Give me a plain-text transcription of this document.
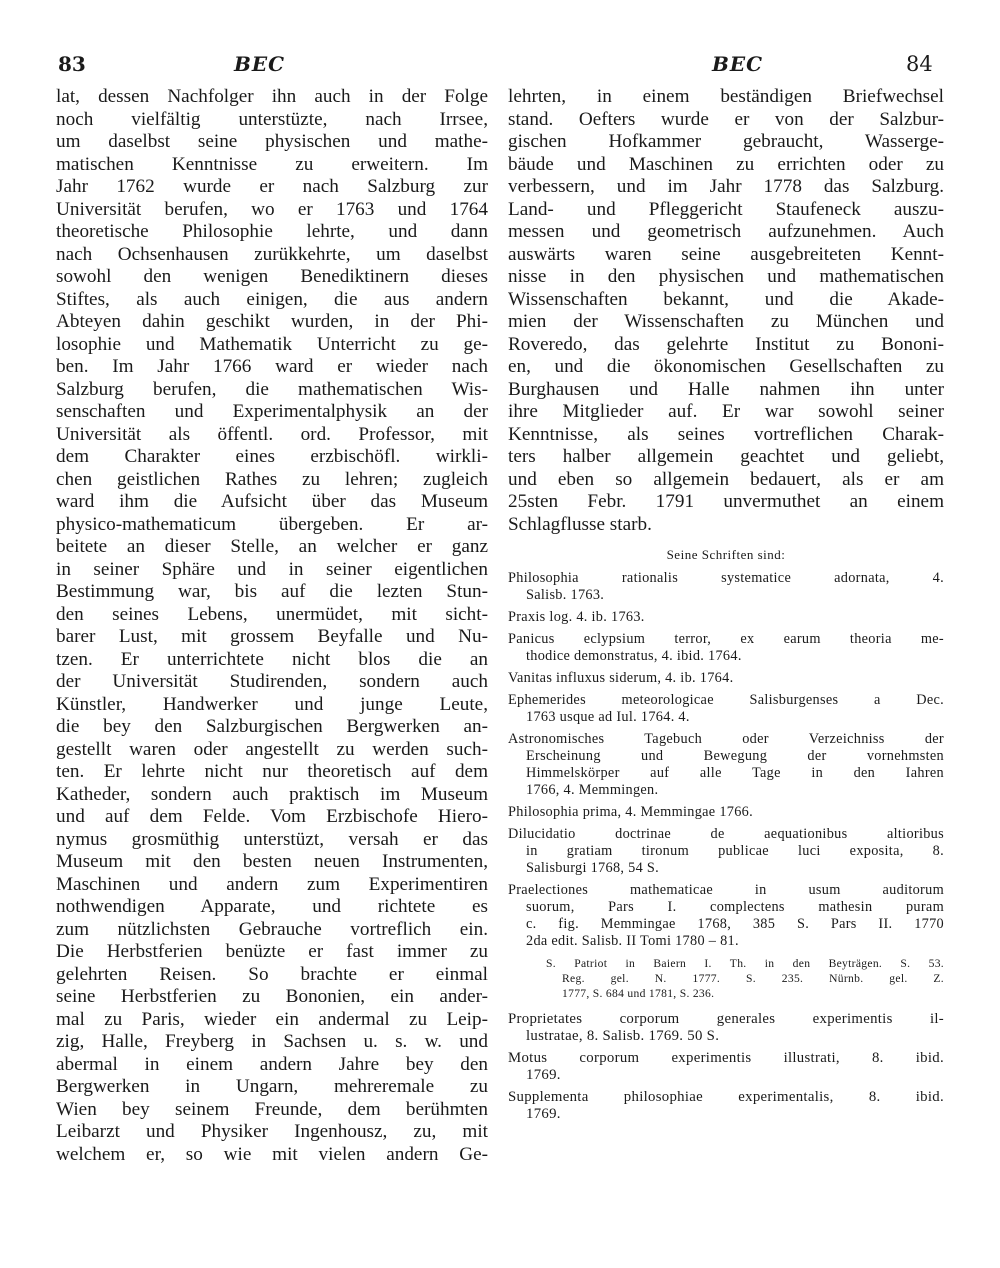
83	BEC	BEC	84
lat, dessen Nachfolger ihn auch in der Folge
noch vielfältig unterstüzte, nach Irrsee,
um daselbst seine physischen und mathe-
matischen Kenntnisse zu erweitern. Im
Jahr 1762 wurde er nach Salzburg zur
Universität berufen, wo er 1763 und 1764
theoretische Philosophie lehrte, und dann
nach Ochsenhausen zurükkehrte, um daselbst
sowohl den wenigen Benediktinern dieses
Stiftes, als auch einigen, die aus andern
Abteyen dahin geschikt wurden, in der Phi-
losophie und Mathematik Unterricht zu ge-
ben. Im Jahr 1766 ward er wieder nach
Salzburg berufen, die mathematischen Wis-
senschaften und Experimentalphysik an der
Universität als öffentl. ord. Professor, mit
dem Charakter eines erzbischöfl. wirkli-
chen geistlichen Rathes zu lehren; zugleich
ward ihm die Aufsicht über das Museum
physico-mathematicum übergeben. Er ar-
beitete an dieser Stelle, an welcher er ganz
in seiner Sphäre und in seiner eigentlichen
Bestimmung war, bis auf die lezten Stun-
den seines Lebens, unermüdet, mit sicht-
barer Lust, mit grossem Beyfalle und Nu-
tzen. Er unterrichtete nicht blos die an
der Universität Studirenden, sondern auch
Künstler, Handwerker und junge Leute,
die bey den Salzburgischen Bergwerken an-
gestellt waren oder angestellt zu werden such-
ten. Er lehrte nicht nur theoretisch auf dem
Katheder, sondern auch praktisch im Museum
und auf dem Felde. Vom Erzbischofe Hiero-
nymus grosmüthig unterstüzt, versah er das
Museum mit den besten neuen Instrumenten,
Maschinen und andern zum Experimentiren
nothwendigen Apparate, und richtete es
zum nützlichsten Gebrauche vortreflich ein.
Die Herbstferien benüzte er fast immer zu
gelehrten Reisen. So brachte er einmal
seine Herbstferien zu Bononien, ein ander-
mal zu Paris, wieder ein andermal zu Leip-
zig, Halle, Freyberg in Sachsen u. s. w. und
abermal in einem andern Jahre bey den
Bergwerken in Ungarn, mehreremale zu
Wien bey seinem Freunde, dem berühmten
Leibarzt und Physiker Ingenhousz, zu, mit
welchem er, so wie mit vielen andern Ge-
lehrten, in einem beständigen Briefwechsel
stand. Oefters wurde er von der Salzbur-
gischen Hofkammer gebraucht, Wasserge-
bäude und Maschinen zu errichten oder zu
verbessern, und im Jahr 1778 das Salzburg.
Land- und Pfleggericht Staufeneck auszu-
messen und geometrisch aufzunehmen. Auch
auswärts waren seine ausgebreiteten Kennt-
nisse in den physischen und mathematischen
Wissenschaften bekannt, und die Akade-
mien der Wissenschaften zu München und
Roveredo, das gelehrte Institut zu Bononi-
en, und die ökonomischen Gesellschaften zu
Burghausen und Halle nahmen ihn unter
ihre Mitglieder auf. Er war sowohl seiner
Kenntnisse, als seines vortreflichen Charak-
ters halber allgemein geachtet und geliebt,
und eben so allgemein bedauert, als er am
25sten Febr. 1791 unvermuthet an einem
Schlagflusse starb.
Seine Schriften sind:
Philosophia rationalis systematice adornata, 4.
Salisb. 1763.
Praxis log. 4. ib. 1763.
Panicus eclypsium terror, ex earum theoria me-
thodice demonstratus, 4. ibid. 1764.
Vanitas influxus siderum, 4. ib. 1764.
Ephemerides meteorologicae Salisburgenses a Dec.
1763 usque ad Iul. 1764. 4.
Astronomisches Tagebuch oder Verzeichniss der
Erscheinung und Bewegung der vornehmsten
Himmelskörper auf alle Tage in den Iahren
1766, 4. Memmingen.
Philosophia prima, 4. Memmingae 1766.
Dilucidatio doctrinae de aequationibus altioribus
in gratiam tironum publicae luci exposita, 8.
Salisburgi 1768, 54 S.
Praelectiones mathematicae in usum auditorum
suorum, Pars I. complectens mathesin puram
c. fig. Memmingae 1768, 385 S. Pars II. 1770
2da edit. Salisb. II Tomi 1780 – 81.
S. Patriot in Baiern I. Th. in den Beyträgen. S. 53.
Reg. gel. N. 1777. S. 235. Nürnb. gel. Z.
1777, S. 684 und 1781, S. 236.
Proprietates corporum generales experimentis il-
lustratae, 8. Salisb. 1769. 50 S.
Motus corporum experimentis illustrati, 8. ibid.
1769.
Supplementa philosophiae experimentalis, 8. ibid.
1769.
